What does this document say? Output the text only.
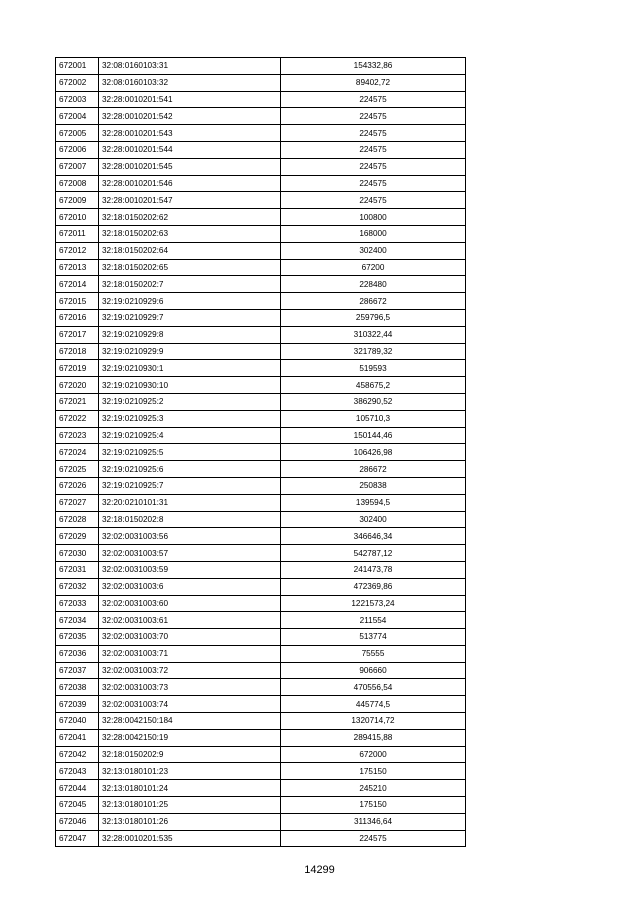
672001	32:08:0160103:31	154332,86
672002	32:08:0160103:32	89402,72
672003	32:28:0010201:541	224575
672004	32:28:0010201:542	224575
672005	32:28:0010201:543	224575
672006	32:28:0010201:544	224575
672007	32:28:0010201:545	224575
672008	32:28:0010201:546	224575
672009	32:28:0010201:547	224575
672010	32:18:0150202:62	100800
672011	32:18:0150202:63	168000
672012	32:18:0150202:64	302400
672013	32:18:0150202:65	67200
672014	32:18:0150202:7	228480
672015	32:19:0210929:6	286672
672016	32:19:0210929:7	259796,5
672017	32:19:0210929:8	310322,44
672018	32:19:0210929:9	321789,32
672019	32:19:0210930:1	519593
672020	32:19:0210930:10	458675,2
672021	32:19:0210925:2	386290,52
672022	32:19:0210925:3	105710,3
672023	32:19:0210925:4	150144,46
672024	32:19:0210925:5	106426,98
672025	32:19:0210925:6	286672
672026	32:19:0210925:7	250838
672027	32:20:0210101:31	139594,5
672028	32:18:0150202:8	302400
672029	32:02:0031003:56	346646,34
672030	32:02:0031003:57	542787,12
672031	32:02:0031003:59	241473,78
672032	32:02:0031003:6	472369,86
672033	32:02:0031003:60	1221573,24
672034	32:02:0031003:61	211554
672035	32:02:0031003:70	513774
672036	32:02:0031003:71	75555
672037	32:02:0031003:72	906660
672038	32:02:0031003:73	470556,54
672039	32:02:0031003:74	445774,5
672040	32:28:0042150:184	1320714,72
672041	32:28:0042150:19	289415,88
672042	32:18:0150202:9	672000
672043	32:13:0180101:23	175150
672044	32:13:0180101:24	245210
672045	32:13:0180101:25	175150
672046	32:13:0180101:26	311346,64
672047	32:28:0010201:535	224575
14299
